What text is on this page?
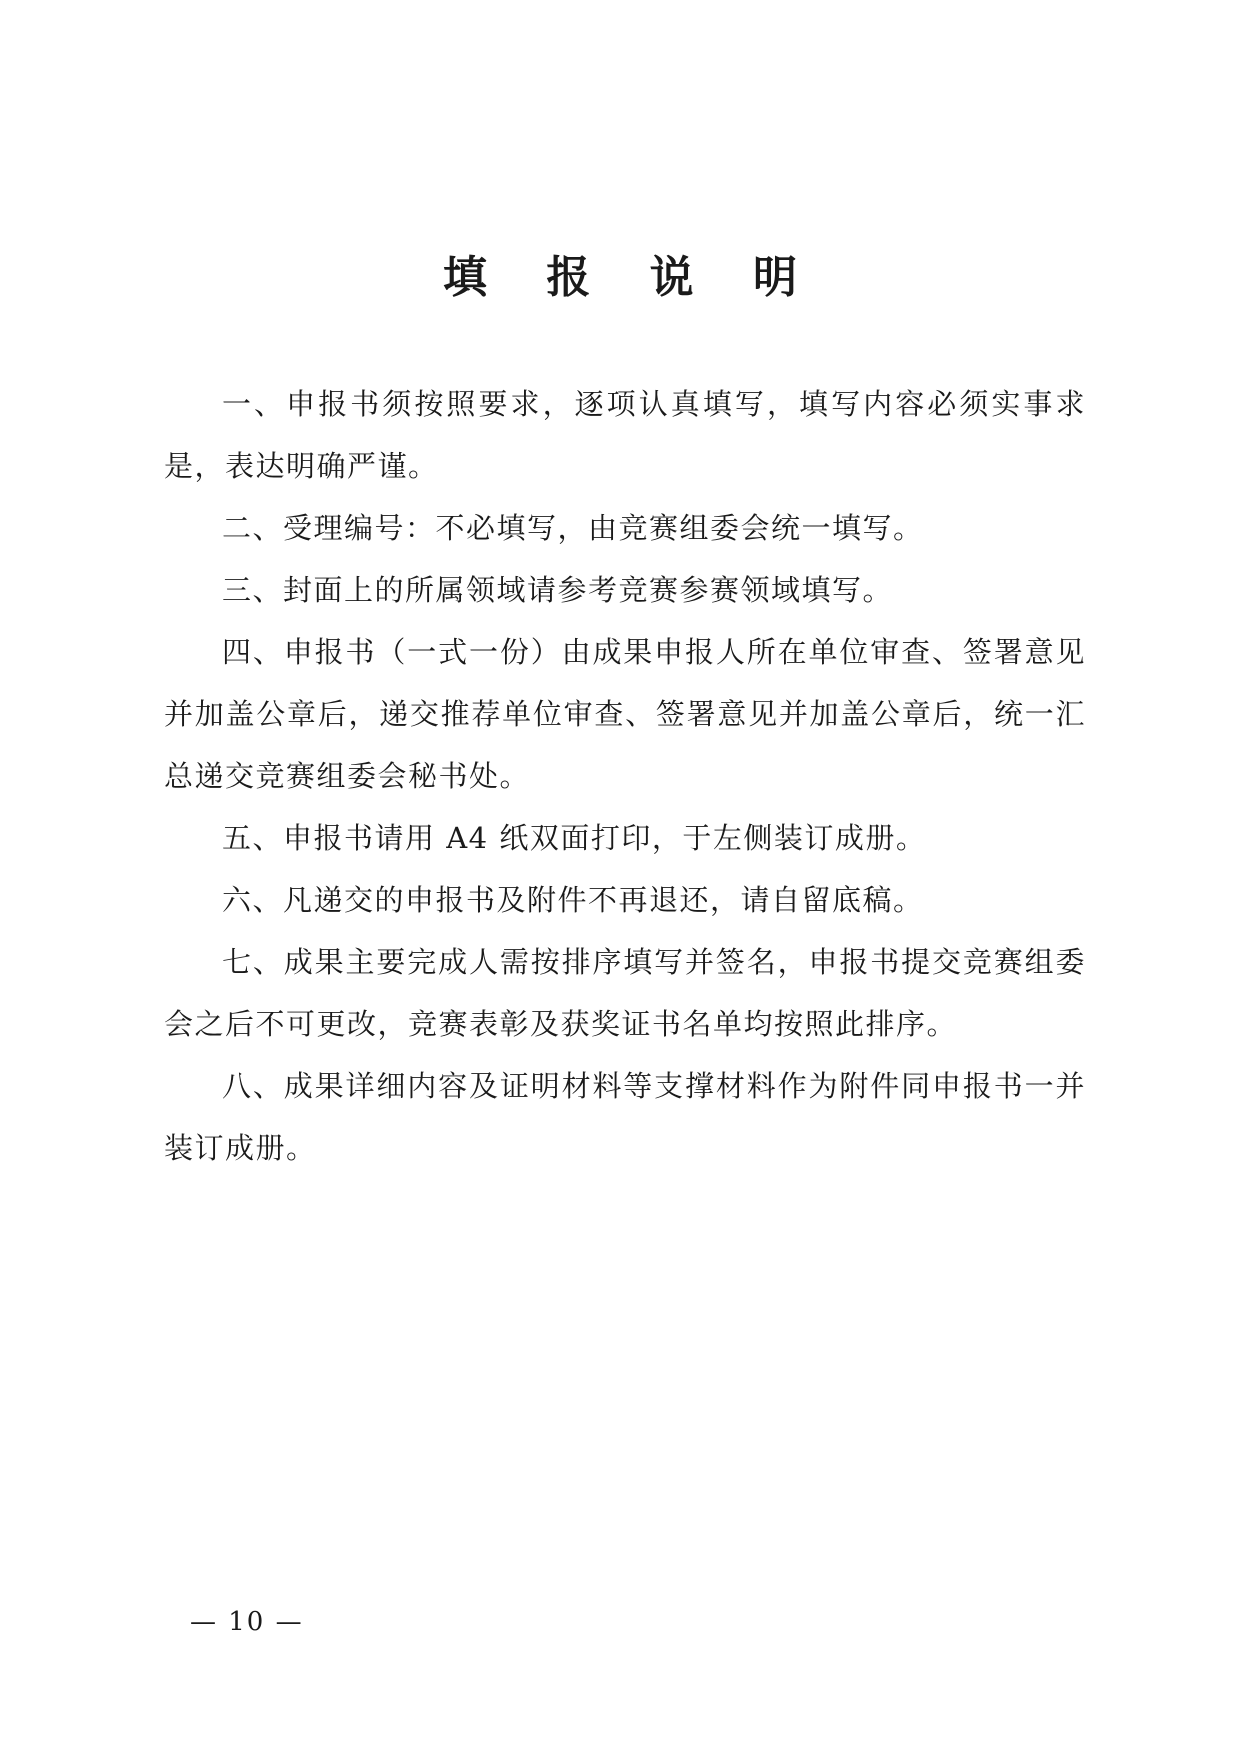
填 报 说 明

一、申报书须按照要求，逐项认真填写，填写内容必须实事求是，表达明确严谨。

二、受理编号：不必填写，由竞赛组委会统一填写。

三、封面上的所属领域请参考竞赛参赛领域填写。

四、申报书（一式一份）由成果申报人所在单位审查、签署意见并加盖公章后，递交推荐单位审查、签署意见并加盖公章后，统一汇总递交竞赛组委会秘书处。

五、申报书请用 A4 纸双面打印，于左侧装订成册。

六、凡递交的申报书及附件不再退还，请自留底稿。

七、成果主要完成人需按排序填写并签名，申报书提交竞赛组委会之后不可更改，竞赛表彰及获奖证书名单均按照此排序。

八、成果详细内容及证明材料等支撑材料作为附件同申报书一并装订成册。

— 10 —
